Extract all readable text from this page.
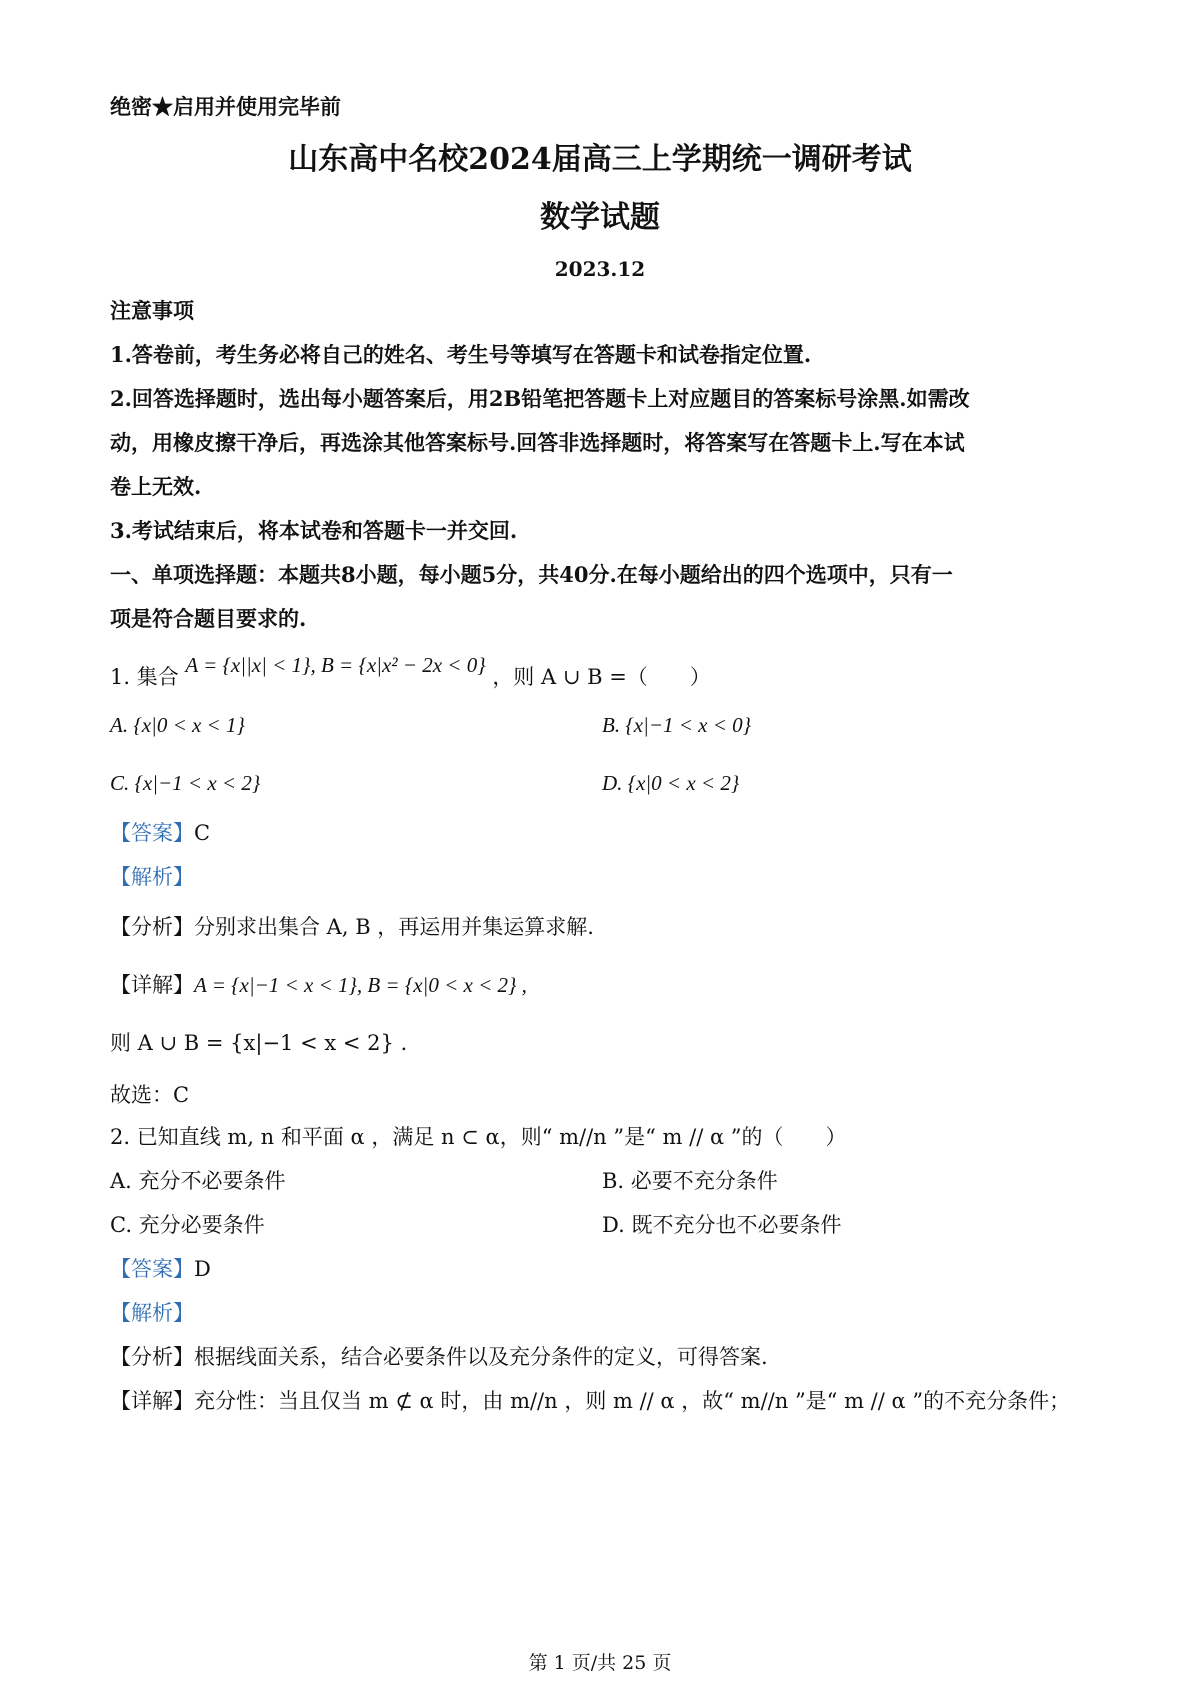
绝密★启用并使用完毕前
山东高中名校2024届高三上学期统一调研考试
数学试题
2023.12
注意事项
1.答卷前，考生务必将自己的姓名、考生号等填写在答题卡和试卷指定位置.
2.回答选择题时，选出每小题答案后，用2B铅笔把答题卡上对应题目的答案标号涂黑.如需改
动，用橡皮擦干净后，再选涂其他答案标号.回答非选择题时，将答案写在答题卡上.写在本试
卷上无效.
3.考试结束后，将本试卷和答题卡一并交回.
一、单项选择题：本题共8小题，每小题5分，共40分.在每小题给出的四个选项中，只有一
项是符合题目要求的.
1. 集合 A = {x||x| < 1}, B = {x|x² − 2x < 0} ，则 A ∪ B =（　　）
A. {x|0 < x < 1}	B. {x|−1 < x < 0}
C. {x|−1 < x < 2}	D. {x|0 < x < 2}
【答案】C
【解析】
【分析】分别求出集合 A, B ，再运用并集运算求解.
【详解】A = {x|−1 < x < 1}, B = {x|0 < x < 2} ,
则 A ∪ B = {x|−1 < x < 2} .
故选：C
2. 已知直线 m, n 和平面 α ，满足 n ⊂ α，则“ m//n ”是“ m // α ”的（　　）
A. 充分不必要条件	B. 必要不充分条件
C. 充分必要条件	D. 既不充分也不必要条件
【答案】D
【解析】
【分析】根据线面关系，结合必要条件以及充分条件的定义，可得答案.
【详解】充分性：当且仅当 m ⊄ α 时，由 m//n ，则 m // α ，故“ m//n ”是“ m // α ”的不充分条件；
第 1 页/共 25 页
